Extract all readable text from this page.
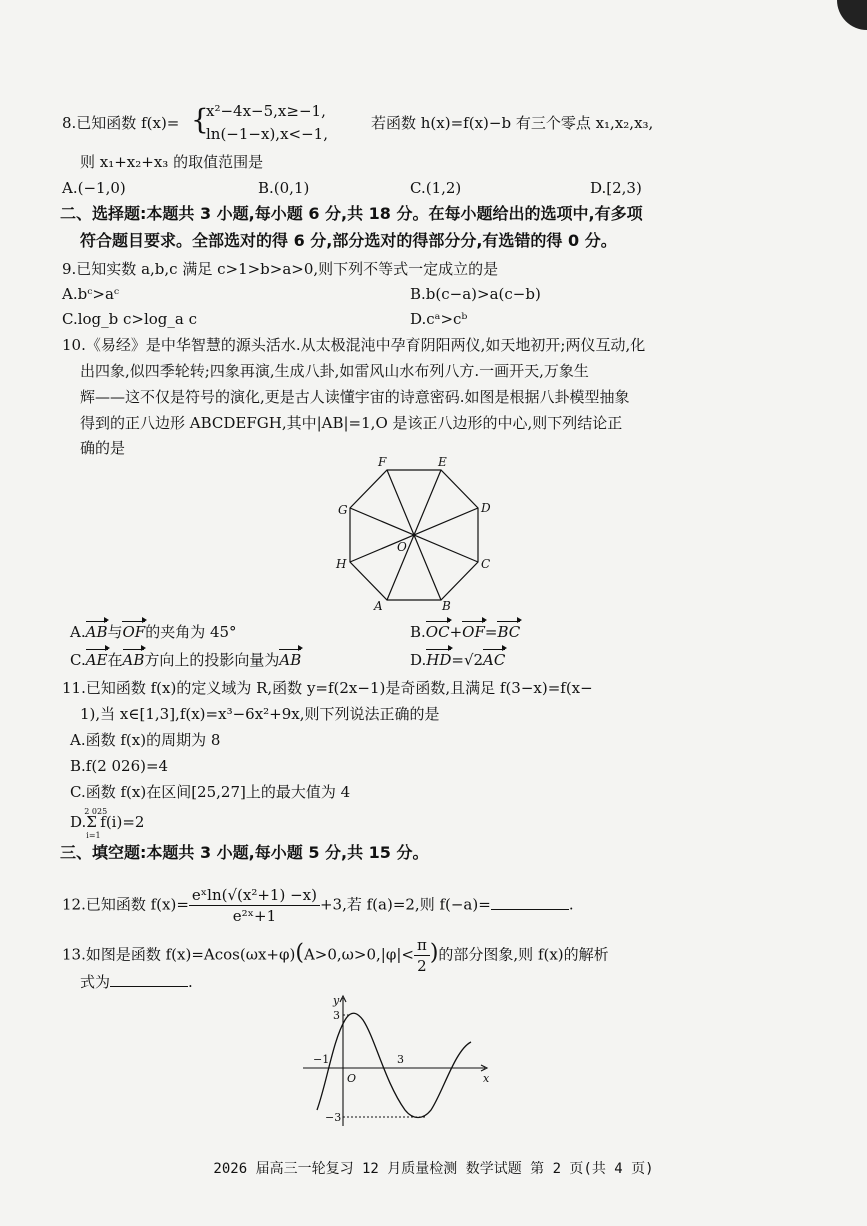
8.已知函数 f(x)= {
x²−4x−5,x≥−1,
ln(−1−x),x<−1,
若函数 h(x)=f(x)−b 有三个零点 x₁,x₂,x₃,
则 x₁+x₂+x₃ 的取值范围是
A.(−1,0)	B.(0,1)	C.(1,2)	D.[2,3)
二、选择题:本题共 3 小题,每小题 6 分,共 18 分。在每小题给出的选项中,有多项
符合题目要求。全部选对的得 6 分,部分选对的得部分分,有选错的得 0 分。
9.已知实数 a,b,c 满足 c>1>b>a>0,则下列不等式一定成立的是
A.bᶜ>aᶜ	B.b(c−a)>a(c−b)
C.log_b c>log_a c	D.cᵃ>cᵇ
10.《易经》是中华智慧的源头活水.从太极混沌中孕育阴阳两仪,如天地初开;两仪互动,化
出四象,似四季轮转;四象再演,生成八卦,如雷风山水布列八方.一画开天,万象生
辉——这不仅是符号的演化,更是古人读懂宇宙的诗意密码.如图是根据八卦模型抽象
得到的正八边形 ABCDEFGH,其中|AB|=1,O 是该正八边形的中心,则下列结论正
确的是
A	B
C
D
E
F
G
H
O
A.AB与OF的夹角为 45°	B.OC+OF=BC
C.AE在AB方向上的投影向量为AB	D.HD=√2AC
11.已知函数 f(x)的定义域为 R,函数 y=f(2x−1)是奇函数,且满足 f(3−x)=f(x−
1),当 x∈[1,3],f(x)=x³−6x²+9x,则下列说法正确的是
A.函数 f(x)的周期为 8
B.f(2 026)=4
C.函数 f(x)在区间[25,27]上的最大值为 4
D.
2 025
Σ
i=1
f(i)=2
三、填空题:本题共 3 小题,每小题 5 分,共 15 分。
12.已知函数 $f(x)= \frac{\text{eˣln(√(x²+1) −x)}}{\text{e²ˣ+1}} +3$,若 f(a)=2,则 f(−a)=	.
13.如图是函数 $f(x)=Acos(\omega x+\varphi)(A>0,\omega>0,|\varphi|< \frac{\pi}{2}$ )的部分图象,则 f(x)的解析
式为	.
y
x
O
3
−3
−1	3
2026 届高三一轮复习 12 月质量检测 数学试题 第 2 页(共 4 页)
